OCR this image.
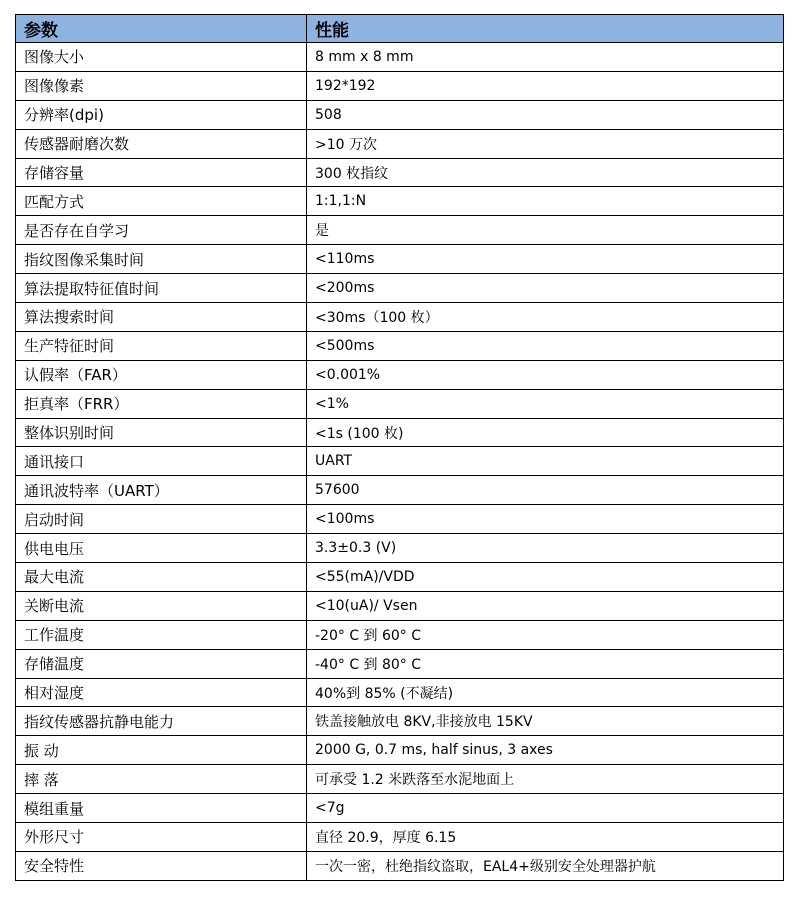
参数	性能
图像大小	8 mm x 8 mm
图像像素	192*192
分辨率(dpi)	508
传感器耐磨次数	>10 万次
存储容量	300 枚指纹
匹配方式	1:1,1:N
是否存在自学习	是
指纹图像采集时间	<110ms
算法提取特征值时间	<200ms
算法搜索时间	<30ms（100 枚）
生产特征时间	<500ms
认假率（FAR）	<0.001%
拒真率（FRR）	<1%
整体识别时间	<1s (100 枚)
通讯接口	UART
通讯波特率（UART）	57600
启动时间	<100ms
供电电压	3.3±0.3 (V)
最大电流	<55(mA)/VDD
关断电流	<10(uA)/ Vsen
工作温度	-20° C 到 60° C
存储温度	-40° C 到 80° C
相对湿度	40%到 85% (不凝结)
指纹传感器抗静电能力	铁盖接触放电 8KV,非接放电 15KV
振 动	2000 G, 0.7 ms, half sinus, 3 axes
摔 落	可承受 1.2 米跌落至水泥地面上
模组重量	<7g
外形尺寸	直径 20.9，厚度 6.15
安全特性	一次一密，杜绝指纹盗取，EAL4+级别安全处理器护航
